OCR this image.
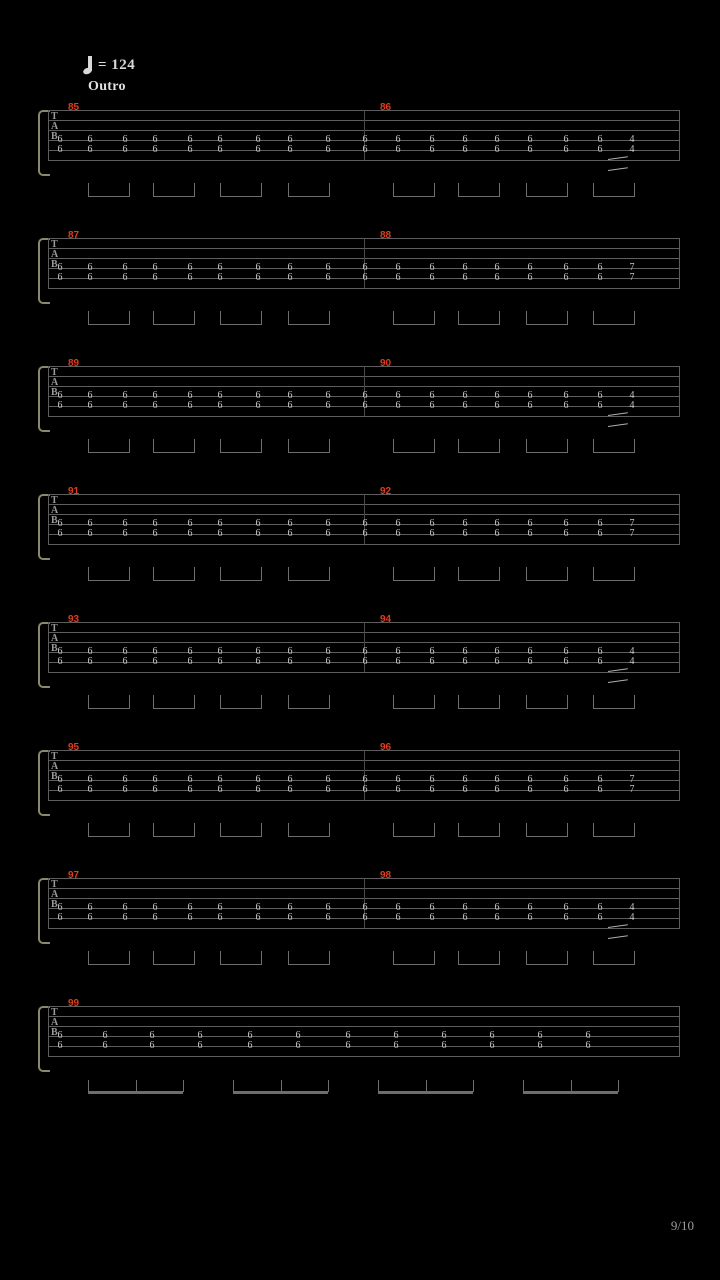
= 124
Outro
T
A
B 6
6
6
6
6
6
6
6
6
6
6
6
6
6
6
6
6
6
6
6
6
6
6
6
6
6
6
6
6
6
6
6
6
6
4
4
85	86
T
A
B 6
6
6
6
6
6
6
6
6
6
6
6
6
6
6
6
6
6
6
6
6
6
6
6
6
6
6
6
6
6
6
6
6
6
7
7
87	88
T
A
B 6
6
6
6
6
6
6
6
6
6
6
6
6
6
6
6
6
6
6
6
6
6
6
6
6
6
6
6
6
6
6
6
6
6
4
4
89	90
T
A
B 6
6
6
6
6
6
6
6
6
6
6
6
6
6
6
6
6
6
6
6
6
6
6
6
6
6
6
6
6
6
6
6
6
6
7
7
91	92
T
A
B 6
6
6
6
6
6
6
6
6
6
6
6
6
6
6
6
6
6
6
6
6
6
6
6
6
6
6
6
6
6
6
6
6
6
4
4
93	94
T
A
B 6
6
6
6
6
6
6
6
6
6
6
6
6
6
6
6
6
6
6
6
6
6
6
6
6
6
6
6
6
6
6
6
6
6
7
7
95	96
T
A
B 6
6
6
6
6
6
6
6
6
6
6
6
6
6
6
6
6
6
6
6
6
6
6
6
6
6
6
6
6
6
6
6
6
6
4
4
97	98
T
A
B 6
6
6
6
6
6
6
6
6
6
6
6
6
6
6
6
6
6
6
6
6
6
6
6
99
9/10
